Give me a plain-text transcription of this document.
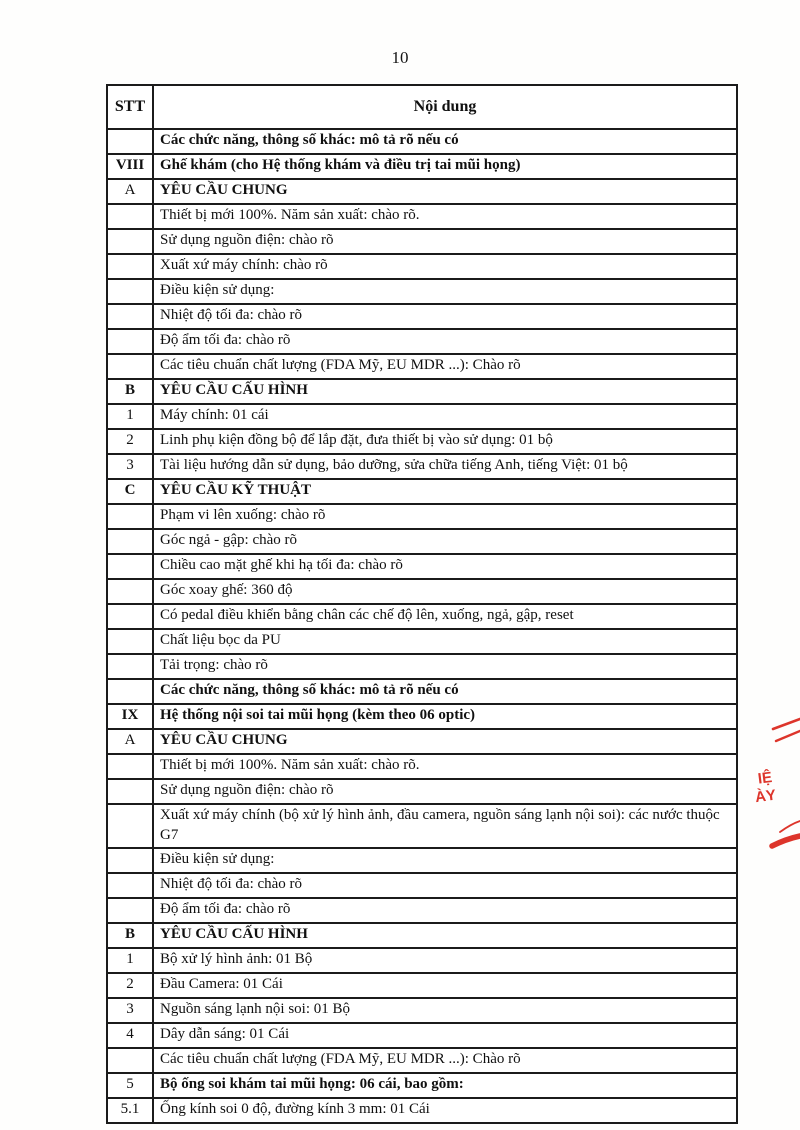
10
STT	Nội dung
	Các chức năng, thông số khác: mô tả rõ nếu có
VIII	Ghế khám (cho Hệ thống khám và điều trị tai mũi họng)
A	YÊU CẦU CHUNG
	Thiết bị mới 100%. Năm sản xuất: chào rõ.
	Sử dụng nguồn điện: chào rõ
	Xuất xứ máy chính: chào rõ
	Điều kiện sử dụng:
	Nhiệt độ tối đa: chào rõ
	Độ ẩm tối đa: chào rõ
	Các tiêu chuẩn chất lượng (FDA Mỹ, EU MDR ...): Chào rõ
B	YÊU CẦU CẤU HÌNH
1	Máy chính: 01 cái
2	Linh phụ kiện đồng bộ để lắp đặt, đưa thiết bị vào sử dụng: 01 bộ
3	Tài liệu hướng dẫn sử dụng, bảo dưỡng, sửa chữa tiếng Anh, tiếng Việt: 01 bộ
C	YÊU CẦU KỸ THUẬT
	Phạm vi lên xuống: chào rõ
	Góc ngả - gập: chào rõ
	Chiều cao mặt ghế khi hạ tối đa: chào rõ
	Góc xoay ghế: 360 độ
	Có pedal điều khiển bằng chân các chế độ lên, xuống, ngả, gập, reset
	Chất liệu bọc da PU
	Tải trọng: chào rõ
	Các chức năng, thông số khác: mô tả rõ nếu có
IX	Hệ thống nội soi tai mũi họng (kèm theo 06 optic)
A	YÊU CẦU CHUNG
	Thiết bị mới 100%. Năm sản xuất: chào rõ.
	Sử dụng nguồn điện: chào rõ
	Xuất xứ máy chính (bộ xử lý hình ảnh, đầu camera, nguồn sáng lạnh nội soi): các nước thuộc G7
	Điều kiện sử dụng:
	Nhiệt độ tối đa: chào rõ
	Độ ẩm tối đa: chào rõ
B	YÊU CẦU CẤU HÌNH
1	Bộ xử lý hình ảnh: 01 Bộ
2	Đầu Camera: 01 Cái
3	Nguồn sáng lạnh nội soi: 01 Bộ
4	Dây dẫn sáng: 01 Cái
	Các tiêu chuẩn chất lượng (FDA Mỹ, EU MDR ...): Chào rõ
5	Bộ ống soi khám tai mũi họng: 06 cái, bao gồm:
5.1	Ống kính soi 0 độ, đường kính 3 mm: 01 Cái
IỆ
ÀY
